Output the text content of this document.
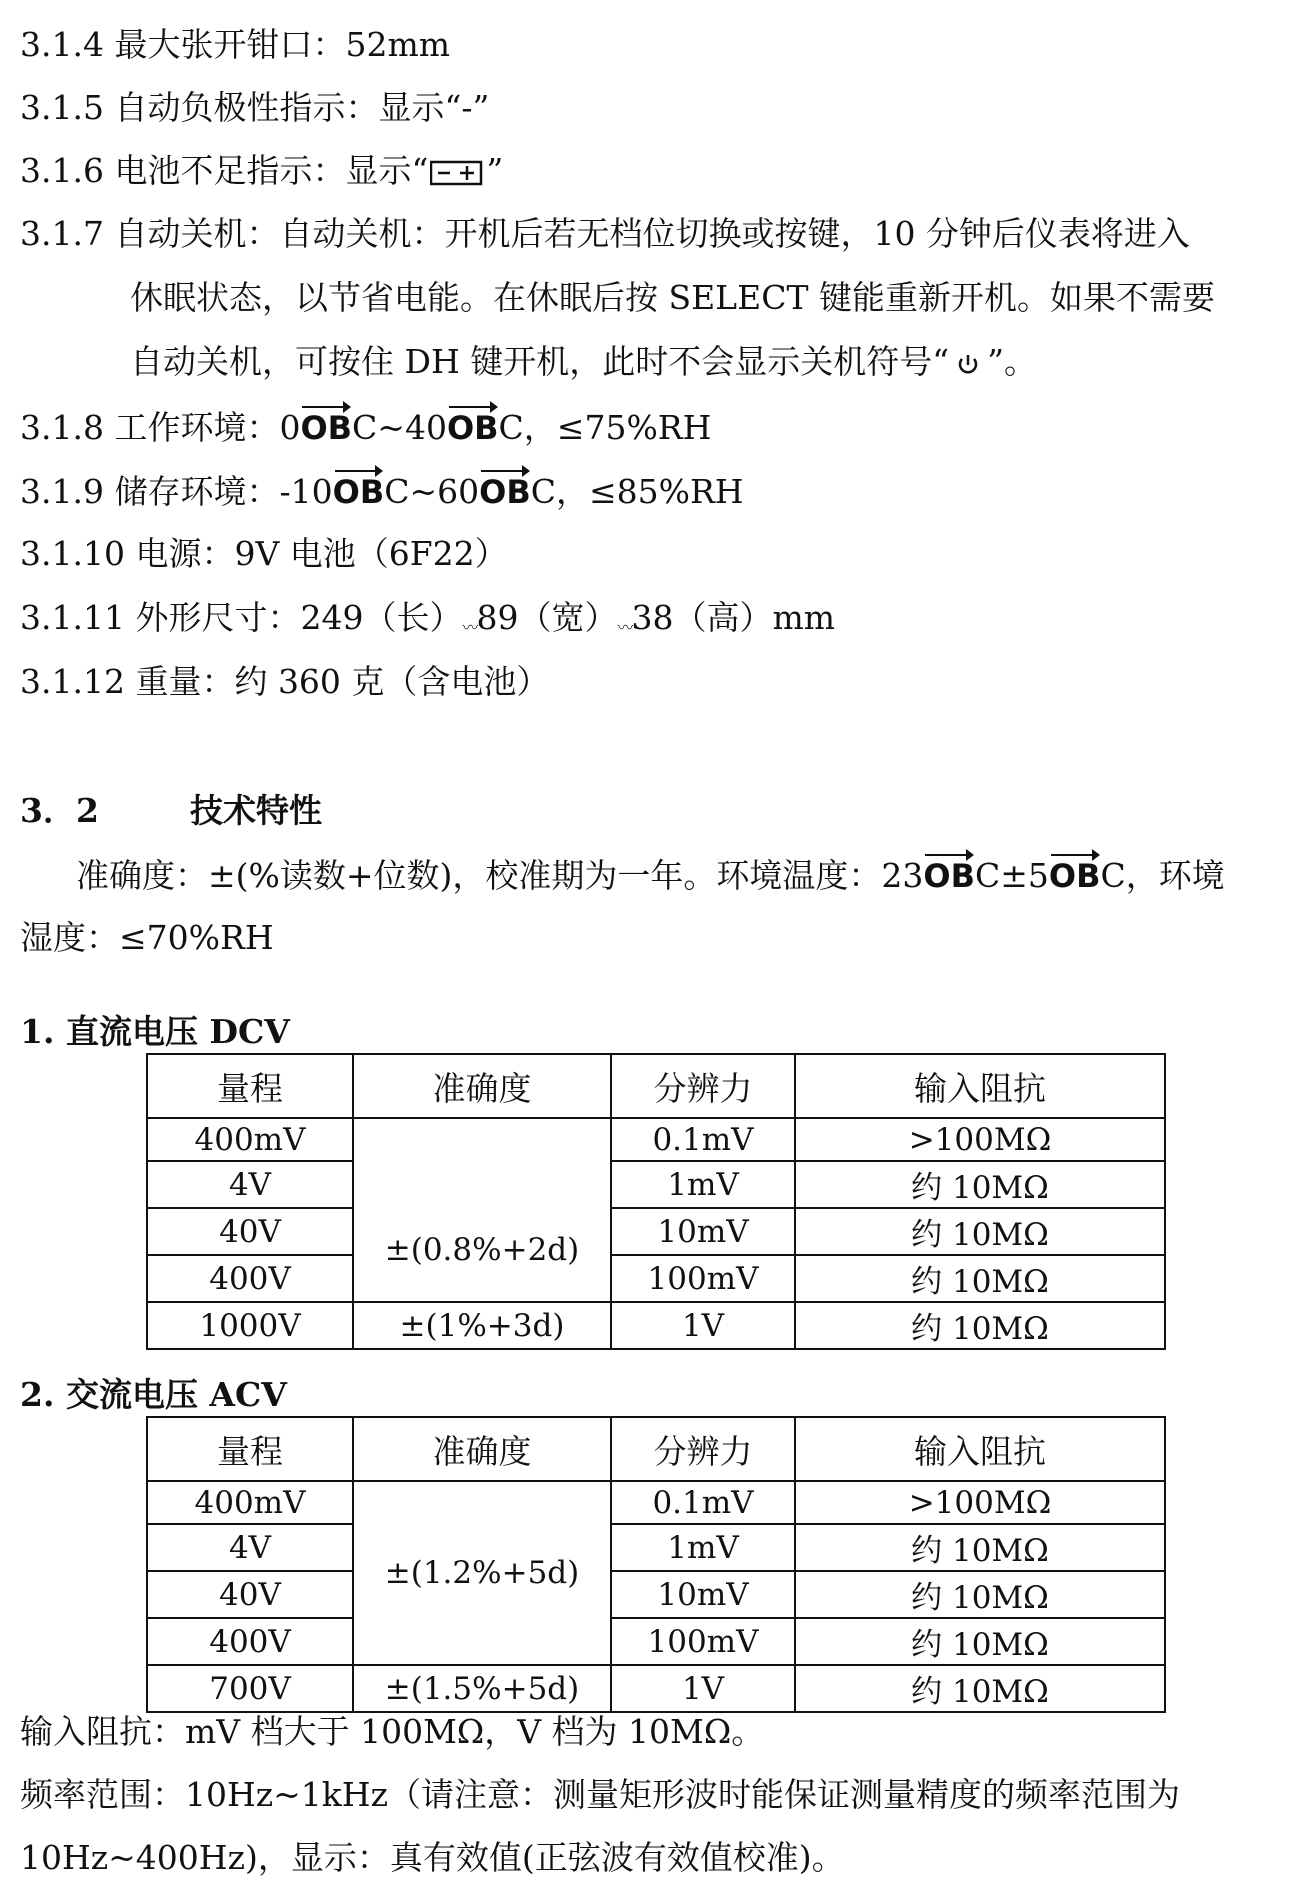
3.1.4 最大张开钳口：52mm
3.1.5 自动负极性指示：显示“-”
3.1.6 电池不足指示：显示“ ”
3.1.7 自动关机：自动关机：开机后若无档位切换或按键，10 分钟后仪表将进入
休眠状态，以节省电能。在休眠后按 SELECT 键能重新开机。如果不需要
自动关机，可按住 DH 键开机，此时不会显示关机符号“ ”。
3.1.8 工作环境：0OBC~40OBC，≤75%RH
3.1.9 储存环境：-10OBC~60OBC，≤85%RH
3.1.10 电源：9V 电池（6F22）
3.1.11 外形尺寸：249（长）〰89（宽）〰38（高）mm
3.1.12 重量：约 360 克（含电池）
3．2	技术特性
准确度：±(%读数+位数)，校准期为一年。环境温度：23OBC±5OBC，环境
湿度：≤70%RH
1. 直流电压 DCV
量程	准确度	分辨力	输入阻抗
400mV	±(0.8%+2d)	0.1mV	>100MΩ
4V		1mV	约 10MΩ
40V		10mV	约 10MΩ
400V		100mV	约 10MΩ
1000V	±(1%+3d)	1V	约 10MΩ
2. 交流电压 ACV
量程	准确度	分辨力	输入阻抗
400mV	±(1.2%+5d)	0.1mV	>100MΩ
4V		1mV	约 10MΩ
40V		10mV	约 10MΩ
400V		100mV	约 10MΩ
700V	±(1.5%+5d)	1V	约 10MΩ
输入阻抗：mV 档大于 100MΩ，V 档为 10MΩ。
频率范围：10Hz~1kHz（请注意：测量矩形波时能保证测量精度的频率范围为
10Hz~400Hz)，显示：真有效值(正弦波有效值校准)。
